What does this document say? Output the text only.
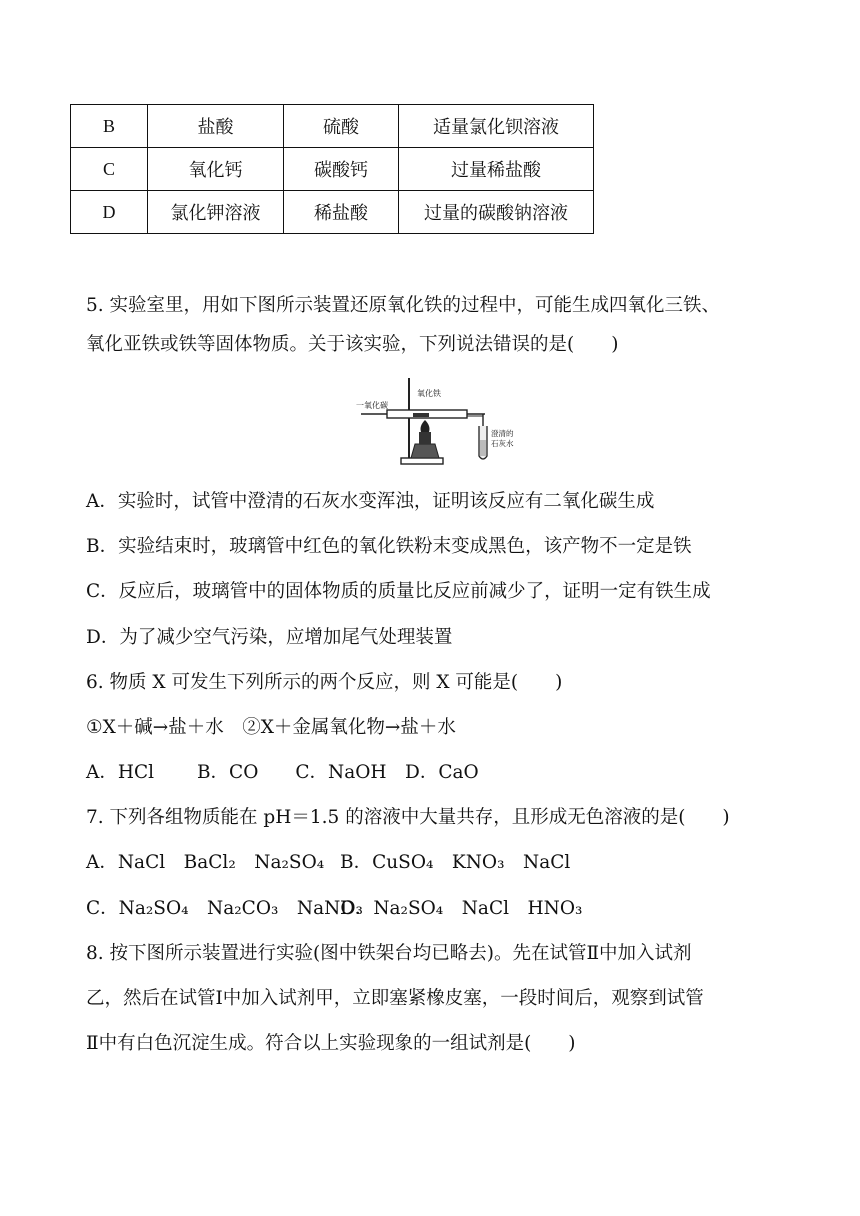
B	盐酸	硫酸	适量氯化钡溶液
C	氧化钙	碳酸钙	过量稀盐酸
D	氯化钾溶液	稀盐酸	过量的碳酸钠溶液
5. 实验室里，用如下图所示装置还原氧化铁的过程中，可能生成四氧化三铁、
氧化亚铁或铁等固体物质。关于该实验，下列说法错误的是(　　)
一氧化碳
氧化铁
澄清的
石灰水
A．实验时，试管中澄清的石灰水变浑浊，证明该反应有二氧化碳生成
B．实验结束时，玻璃管中红色的氧化铁粉末变成黑色，该产物不一定是铁
C．反应后，玻璃管中的固体物质的质量比反应前减少了，证明一定有铁生成
D．为了减少空气污染，应增加尾气处理装置
6. 物质 X 可发生下列所示的两个反应，则 X 可能是(　　)
①X＋碱→盐＋水　②X＋金属氧化物→盐＋水
A．HCl　　 B．CO　　C．NaOH　D．CaO
7. 下列各组物质能在 pH＝1.5 的溶液中大量共存，且形成无色溶液的是(　　)
A．NaCl　BaCl₂　Na₂SO₄ B．CuSO₄　KNO₃　NaCl
C．Na₂SO₄　Na₂CO₃　NaNO₃
D．Na₂SO₄　NaCl　HNO₃
8. 按下图所示装置进行实验(图中铁架台均已略去)。先在试管Ⅱ中加入试剂
乙，然后在试管Ⅰ中加入试剂甲，立即塞紧橡皮塞，一段时间后，观察到试管
Ⅱ中有白色沉淀生成。符合以上实验现象的一组试剂是(　　)
